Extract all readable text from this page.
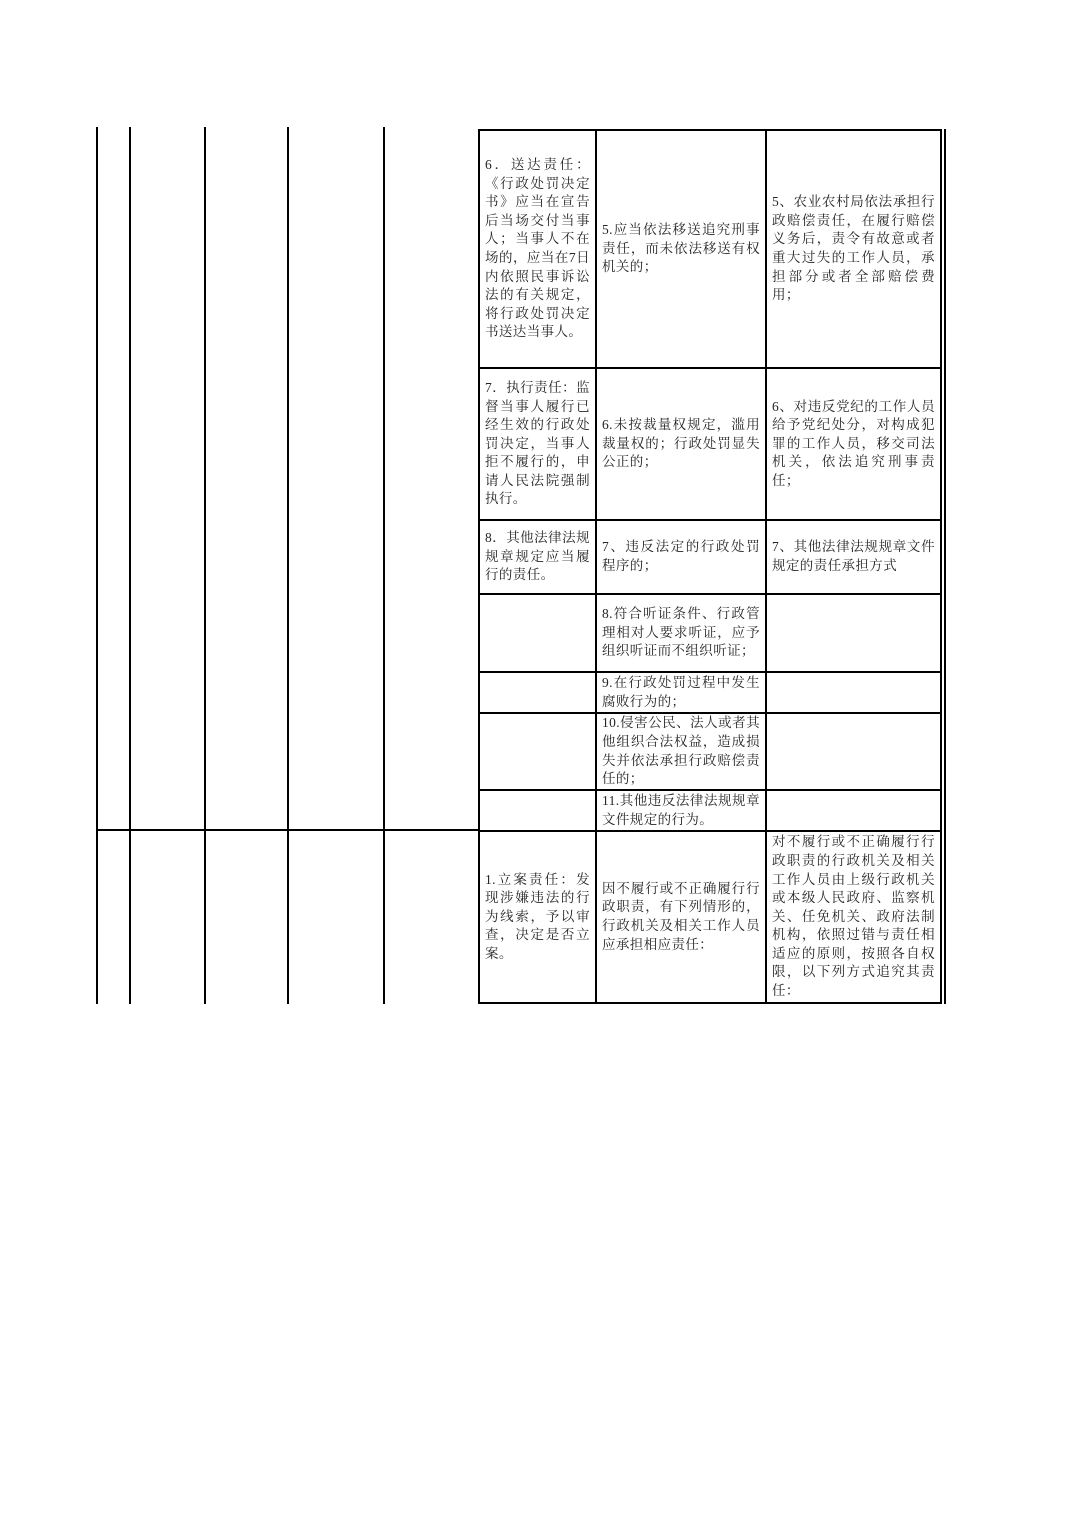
6．送达责任：《行政处罚决定书》应当在宣告后当场交付当事人；当事人不在场的，应当在7日内依照民事诉讼法的有关规定，将行政处罚决定书送达当事人。
5.应当依法移送追究刑事责任，而未依法移送有权机关的；
5、农业农村局依法承担行政赔偿责任，在履行赔偿义务后，责令有故意或者重大过失的工作人员，承担部分或者全部赔偿费用；
7．执行责任：监督当事人履行已经生效的行政处罚决定，当事人拒不履行的，申请人民法院强制执行。
6.未按裁量权规定，滥用裁量权的；行政处罚显失公正的；
6、对违反党纪的工作人员给予党纪处分，对构成犯罪的工作人员，移交司法机关，依法追究刑事责任；
8．其他法律法规规章规定应当履行的责任。
7、违反法定的行政处罚程序的；
7、其他法律法规规章文件规定的责任承担方式
8.符合听证条件、行政管理相对人要求听证，应予组织听证而不组织听证；
9.在行政处罚过程中发生腐败行为的；
10.侵害公民、法人或者其他组织合法权益，造成损失并依法承担行政赔偿责任的；
11.其他违反法律法规规章文件规定的行为。
1.立案责任：发现涉嫌违法的行为线索，予以审查，决定是否立案。
因不履行或不正确履行行政职责，有下列情形的，行政机关及相关工作人员应承担相应责任：
对不履行或不正确履行行政职责的行政机关及相关工作人员由上级行政机关或本级人民政府、监察机关、任免机关、政府法制机构，依照过错与责任相适应的原则，按照各自权限，以下列方式追究其责任：
